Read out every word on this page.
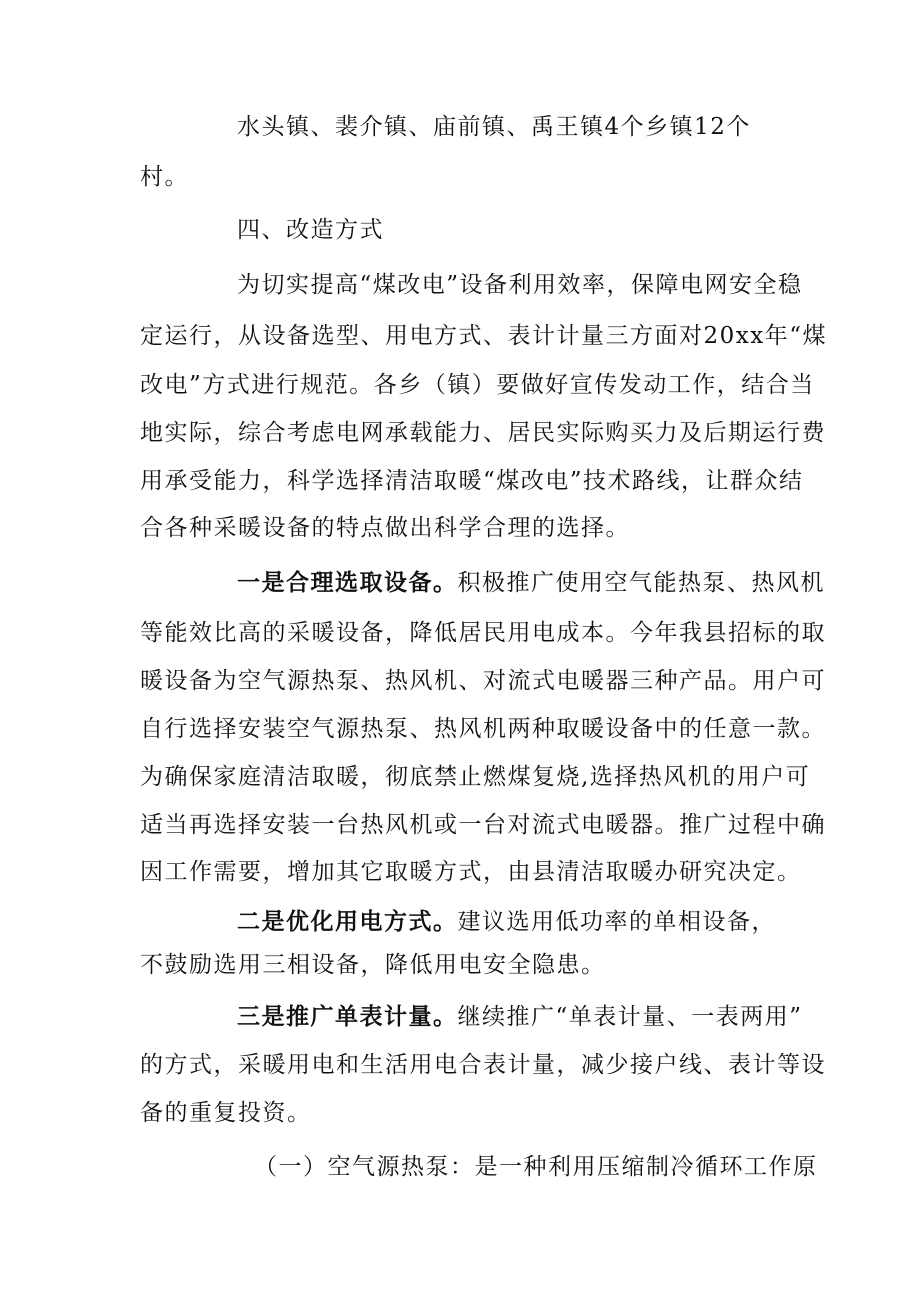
水头镇、裴介镇、庙前镇、禹王镇4个乡镇12个
村。
四、改造方式
为切实提高“煤改电”设备利用效率，保障电网安全稳
定运行，从设备选型、用电方式、表计计量三方面对20xx年“煤
改电”方式进行规范。各乡（镇）要做好宣传发动工作，结合当
地实际，综合考虑电网承载能力、居民实际购买力及后期运行费
用承受能力，科学选择清洁取暖“煤改电”技术路线，让群众结
合各种采暖设备的特点做出科学合理的选择。
一是合理选取设备。积极推广使用空气能热泵、热风机
等能效比高的采暖设备，降低居民用电成本。今年我县招标的取
暖设备为空气源热泵、热风机、对流式电暖器三种产品。用户可
自行选择安装空气源热泵、热风机两种取暖设备中的任意一款。
为确保家庭清洁取暖，彻底禁止燃煤复烧,选择热风机的用户可
适当再选择安装一台热风机或一台对流式电暖器。推广过程中确
因工作需要，增加其它取暖方式，由县清洁取暖办研究决定。
二是优化用电方式。建议选用低功率的单相设备，
不鼓励选用三相设备，降低用电安全隐患。
三是推广单表计量。继续推广“单表计量、一表两用”
的方式，采暖用电和生活用电合表计量，减少接户线、表计等设
备的重复投资。
（一）空气源热泵：是一种利用压缩制冷循环工作原
